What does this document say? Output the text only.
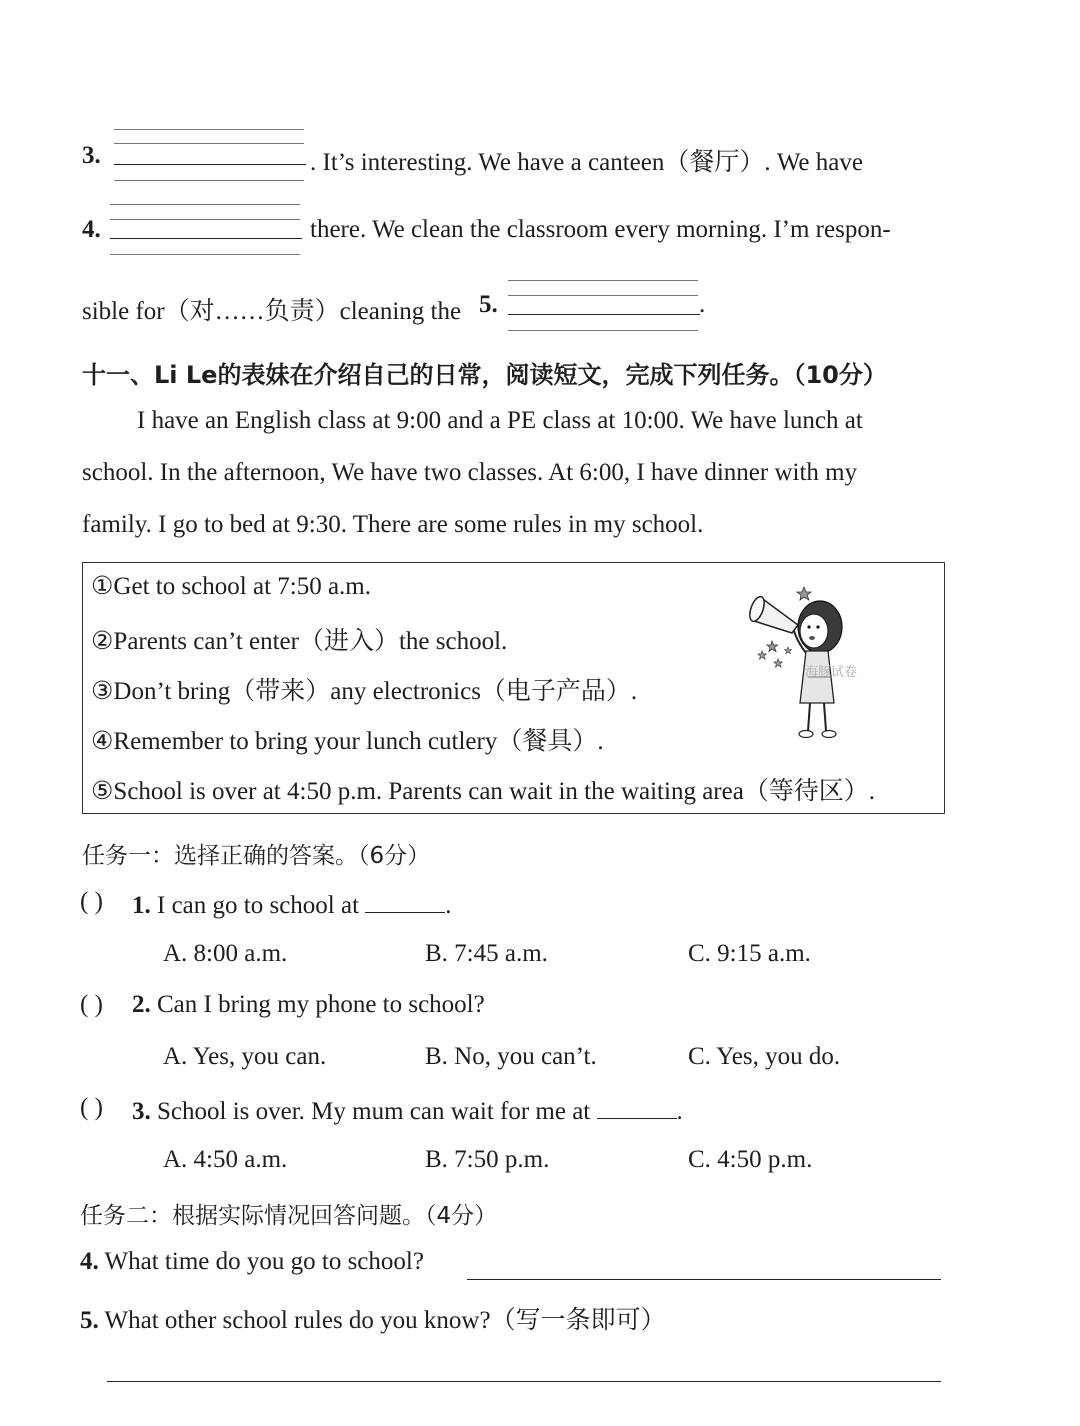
3.	. It’s interesting. We have a canteen（餐厅）. We have
4.	there. We clean the classroom every morning. I’m respon-
sible for（对……负责）cleaning the 5.	.
十一、Li Le的表妹在介绍自己的日常，阅读短文，完成下列任务。（10分）
I have an English class at 9:00 and a PE class at 10:00. We have lunch at
school. In the afternoon, We have two classes. At 6:00, I have dinner with my
family. I go to bed at 9:30. There are some rules in my school.
①Get to school at 7:50 a.m.
②Parents can’t enter（进入）the school.
③Don’t bring（带来）any electronics（电子产品）.
④Remember to bring your lunch cutlery（餐具）.
⑤School is over at 4:50 p.m. Parents can wait in the waiting area（等待区）.
海豚试卷
任务一：选择正确的答案。（6分）
( ) 1. I can go to school at	.
A. 8:00 a.m.	B. 7:45 a.m.	C. 9:15 a.m.
( ) 2. Can I bring my phone to school?
A. Yes, you can.	B. No, you can’t.	C. Yes, you do.
( ) 3. School is over. My mum can wait for me at	.
A. 4:50 a.m.	B. 7:50 p.m.	C. 4:50 p.m.
任务二：根据实际情况回答问题。（4分）
4. What time do you go to school?
5. What other school rules do you know?（写一条即可）
